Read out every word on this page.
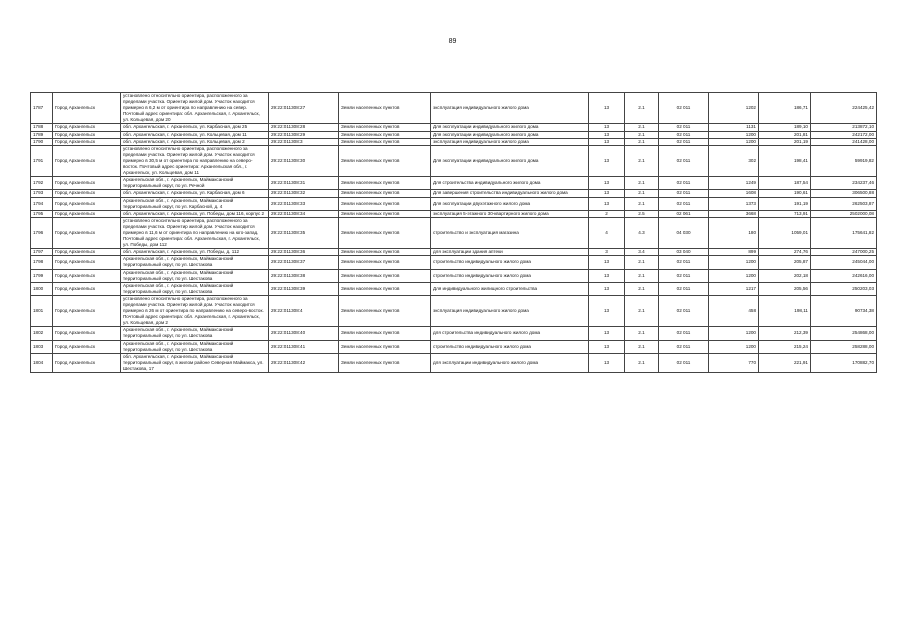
89
1787	Город Архангельск	установлено относительно ориентира, расположенного за пределами участка. Ориентир жилой дом. Участок находится примерно в 6,2 м от ориентира по направлению на север. Почтовый адрес ориентира: обл. Архангельская, г. Архангельск, ул. Кольцевая, дом 20	29:22:011308:27	Земли населенных пунктов	эксплуатация индивидуального жилого дома	13	2.1	02 011	1202	186,71	224425,42
1788	Город Архангельск	обл. Архангельская, г. Архангельск, ул. Карбасная, дом 25	29:22:011308:28	Земли населенных пунктов	Для эксплуатации индивидуального жилого дома	13	2.1	02 011	1131	189,10	213872,10
1789	Город Архангельск	обл. Архангельская, г. Архангельск, ул. Кольцевая, дом 11	29:22:011308:29	Земли населенных пунктов	Для эксплуатации индивидуального жилого дома	13	2.1	02 011	1200	201,81	242172,00
1790	Город Архангельск	обл. Архангельская, г. Архангельск, ул. Кольцевая, дом 2	29:22:011308:3	Земли населенных пунктов	эксплуатация индивидуального жилого дома	13	2.1	02 011	1200	201,19	241428,00
1791	Город Архангельск	установлено относительно ориентира, расположенного за пределами участка. Ориентир жилой дом. Участок находится примерно в 30,5 м от ориентира по направлению на северо-восток. Почтовый адрес ориентира: Архангельская обл., г. Архангельск, ул. Кольцевая, дом 11	29:22:011308:30	Земли населенных пунктов	Для эксплуатации индивидуального жилого дома	13	2.1	02 011	302	198,41	59919,82
1792	Город Архангельск	Архангельская обл., г. Архангельск, Маймаксанский территориальный округ, по ул. Речной	29:22:011308:31	Земли населенных пунктов	Для строительства индивидуального жилого дома	13	2.1	02 011	1249	187,54	234237,46
1793	Город Архангельск	обл. Архангельская, г. Архангельск, ул. Карбасная, дом 6	29:22:011308:32	Земли населенных пунктов	Для завершения строительства индивидуального жилого дома	13	2.1	02 011	1608	190,61	306500,88
1794	Город Архангельск	Архангельская обл., г. Архангельск, Маймаксанский территориальный округ, по ул. Карбасной, д. 4	29:22:011308:33	Земли населенных пунктов	Для эксплуатации двухэтажного жилого дома	13	2.1	02 011	1373	191,19	262503,87
1795	Город Архангельск	обл. Архангельская, г. Архангельск, ул. Победы, дом 116, корпус 2	29:22:011308:34	Земли населенных пунктов	эксплуатация 5-этажного 30-квартирного жилого дома	2	2.5	02 061	3668	713,91	2502000,08
1796	Город Архангельск	установлено относительно ориентира, расположенного за пределами участка. Ориентир жилой дом. Участок находится примерно в 11,6 м от ориентира по направлению на юго-запад. Почтовый адрес ориентира: обл. Архангельская, г. Архангельск, ул. Победы, дом 112	29:22:011308:35	Земли населенных пунктов	строительство и эксплуатация магазина	4	4.3	04 030	180	1059,01	175641,82
1797	Город Архангельск	обл. Архангельская, г. Архангельск, ул. Победы, д. 112	29:22:011308:36	Земли населенных пунктов	для эксплуатации здания аптеки	3	3.4	03 040	899	274,76	247000,25
1798	Город Архангельск	Архангельская обл., г. Архангельск, Маймаксанский территориальный округ, по ул. Шестакова	29:22:011308:37	Земли населенных пунктов	строительство индивидуального жилого дома	13	2.1	02 011	1200	205,87	245044,00
1799	Город Архангельск	Архангельская обл., г. Архангельск, Маймаксанский территориальный округ, по ул. Шестакова	29:22:011308:38	Земли населенных пунктов	строительство индивидуального жилого дома	13	2.1	02 011	1200	202,18	242616,00
1800	Город Архангельск	Архангельская обл., г. Архангельск, Маймаксанский территориальный округ, по ул. Шестакова	29:22:011308:39	Земли населенных пунктов	Для индивидуального жилищного строительства	13	2.1	02 011	1217	205,56	250203,03
1801	Город Архангельск	установлено относительно ориентира, расположенного за пределами участка. Ориентир жилой дом. Участок находится примерно в 26 м от ориентира по направлению на северо-восток. Почтовый адрес ориентира: обл. Архангельская, г. Архангельск, ул. Кольцевая, дом 2	29:22:011308:4	Земли населенных пунктов	эксплуатация индивидуального жилого дома	13	2.1	02 011	458	198,11	90734,38
1802	Город Архангельск	Архангельская обл., г. Архангельск, Маймаксанский территориальный округ, по ул. Шестакова	29:22:011308:40	Земли населенных пунктов	для строительства индивидуального жилого дома	13	2.1	02 011	1200	212,39	254868,00
1803	Город Архангельск	Архангельская обл., г. Архангельск, Маймаксанский территориальный округ, по ул. Шестакова	29:22:011308:41	Земли населенных пунктов	строительство индивидуального жилого дома	13	2.1	02 011	1200	215,24	258288,00
1804	Город Архангельск	обл. Архангельская, г. Архангельск, Маймаксанский территориальный округ, в жилом районе Северная Маймакса, ул. Шестакова, 17	29:22:011308:42	Земли населенных пунктов	для эксплуатации индивидуального жилого дома	13	2.1	02 011	770	221,91	170882,70
